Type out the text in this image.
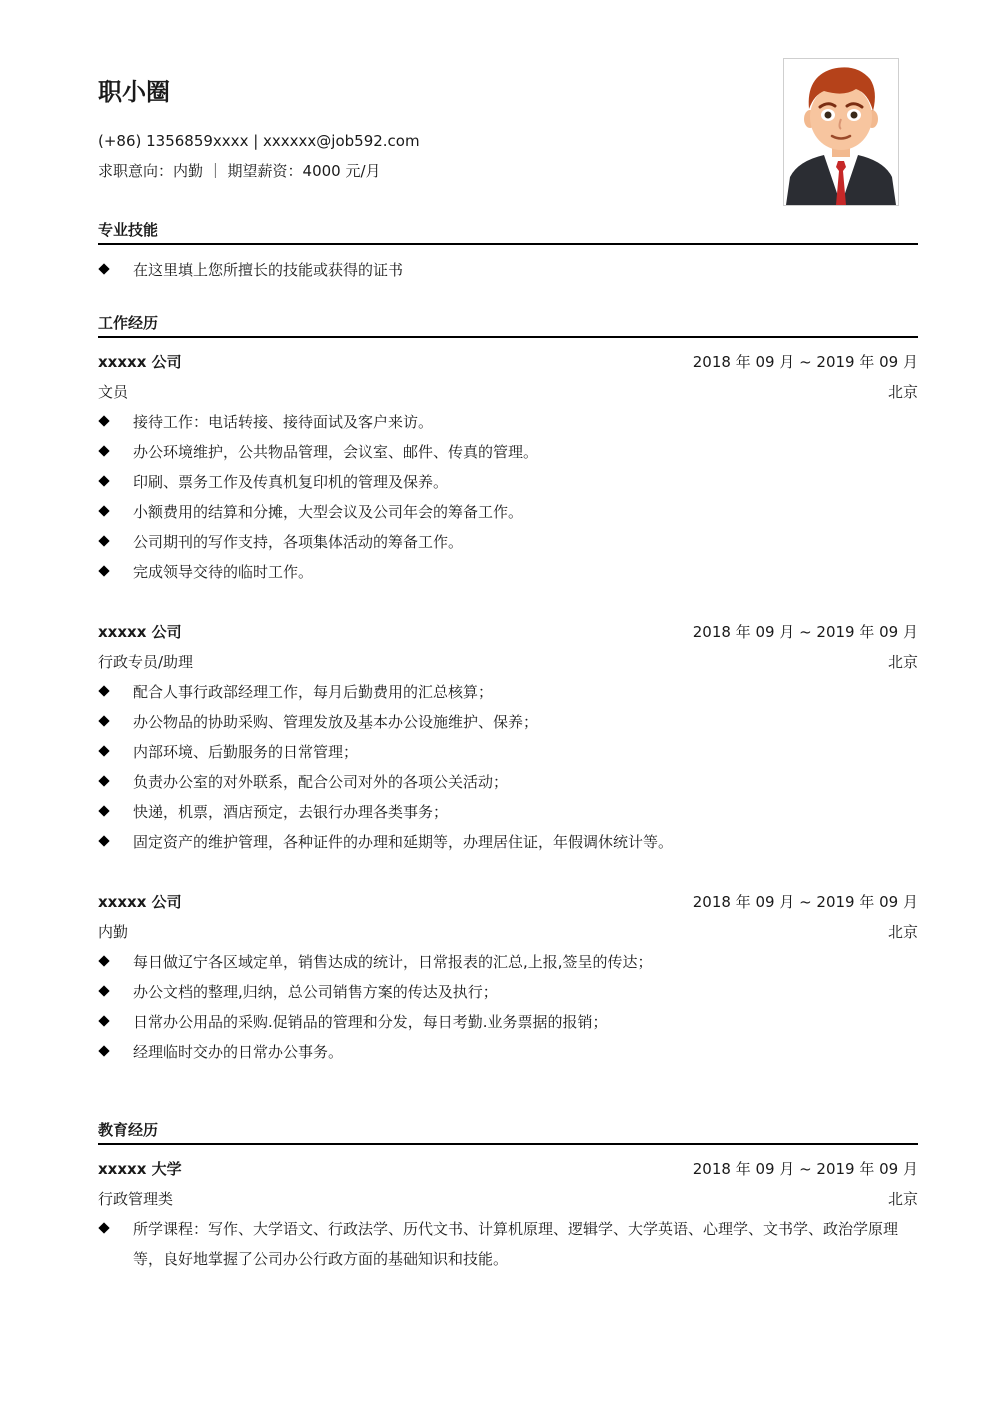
职小圈
(+86) 1356859xxxx | xxxxxx@job592.com
求职意向：内勤 ｜ 期望薪资：4000 元/月
专业技能
在这里填上您所擅长的技能或获得的证书
工作经历
xxxxx 公司	2018 年 09 月 ~ 2019 年 09 月
文员	北京
接待工作：电话转接、接待面试及客户来访。
办公环境维护，公共物品管理，会议室、邮件、传真的管理。
印刷、票务工作及传真机复印机的管理及保养。
小额费用的结算和分摊，大型会议及公司年会的筹备工作。
公司期刊的写作支持，各项集体活动的筹备工作。
完成领导交待的临时工作。
xxxxx 公司	2018 年 09 月 ~ 2019 年 09 月
行政专员/助理	北京
配合人事行政部经理工作，每月后勤费用的汇总核算；
办公物品的协助采购、管理发放及基本办公设施维护、保养；
内部环境、后勤服务的日常管理；
负责办公室的对外联系，配合公司对外的各项公关活动；
快递，机票，酒店预定，去银行办理各类事务；
固定资产的维护管理，各种证件的办理和延期等，办理居住证，年假调休统计等。
xxxxx 公司	2018 年 09 月 ~ 2019 年 09 月
内勤	北京
每日做辽宁各区域定单，销售达成的统计，日常报表的汇总,上报,签呈的传达；
办公文档的整理,归纳，总公司销售方案的传达及执行；
日常办公用品的采购.促销品的管理和分发，每日考勤.业务票据的报销；
经理临时交办的日常办公事务。
教育经历
xxxxx 大学	2018 年 09 月 ~ 2019 年 09 月
行政管理类	北京
所学课程：写作、大学语文、行政法学、历代文书、计算机原理、逻辑学、大学英语、心理学、文书学、政治学原理等，良好地掌握了公司办公行政方面的基础知识和技能。
